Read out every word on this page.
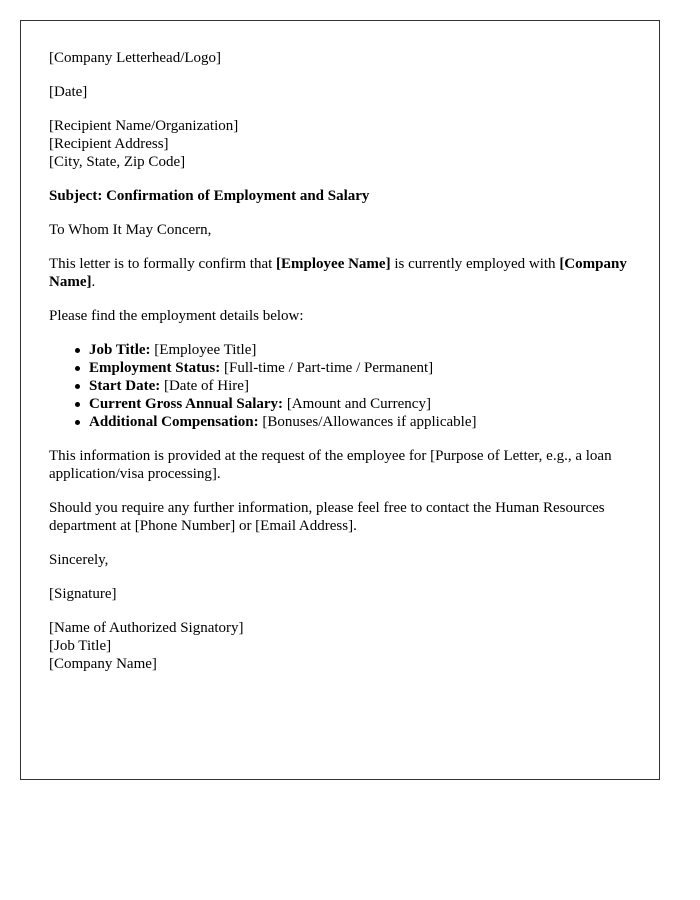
[Company Letterhead/Logo]
[Date]
[Recipient Name/Organization]
[Recipient Address]
[City, State, Zip Code]
Subject: Confirmation of Employment and Salary
To Whom It May Concern,
This letter is to formally confirm that [Employee Name] is currently employed with [Company Name].
Please find the employment details below:
Job Title: [Employee Title]
Employment Status: [Full-time / Part-time / Permanent]
Start Date: [Date of Hire]
Current Gross Annual Salary: [Amount and Currency]
Additional Compensation: [Bonuses/Allowances if applicable]
This information is provided at the request of the employee for [Purpose of Letter, e.g., a loan application/visa processing].
Should you require any further information, please feel free to contact the Human Resources department at [Phone Number] or [Email Address].
Sincerely,
[Signature]
[Name of Authorized Signatory]
[Job Title]
[Company Name]
